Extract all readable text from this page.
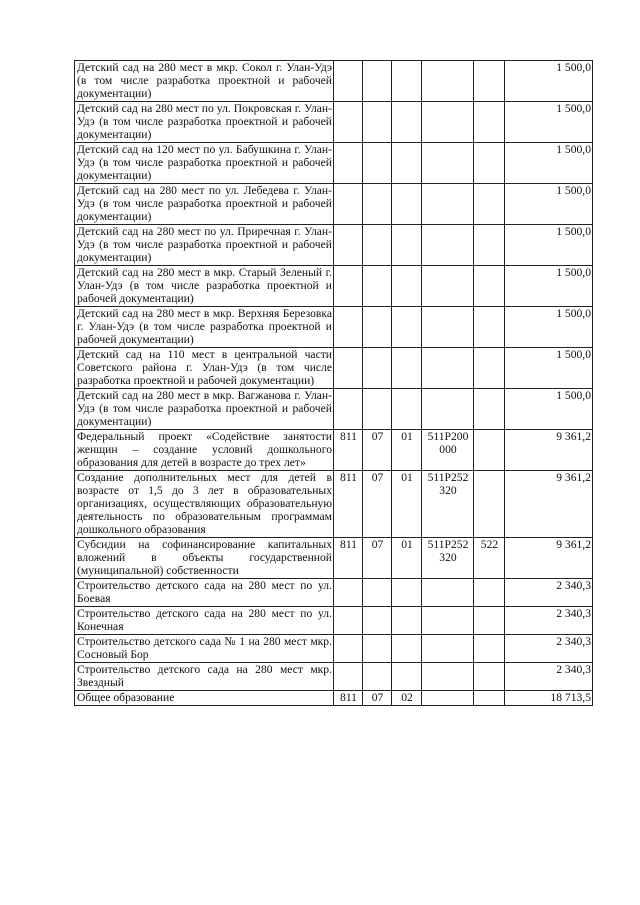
Детский сад на 280 мест в мкр. Сокол г. Улан-Удэ (в том числе разработка проектной и рабочей документации)						1 500,0
Детский сад на 280 мест по ул. Покровская г. Улан-Удэ (в том числе разработка проектной и рабочей документации)						1 500,0
Детский сад на 120 мест по ул. Бабушкина г. Улан-Удэ (в том числе разработка проектной и рабочей документации)						1 500,0
Детский сад на 280 мест по ул. Лебедева г. Улан-Удэ (в том числе разработка проектной и рабочей документации)						1 500,0
Детский сад на 280 мест по ул. Приречная г. Улан-Удэ (в том числе разработка проектной и рабочей документации)						1 500,0
Детский сад на 280 мест в мкр. Старый Зеленый г. Улан-Удэ (в том числе разработка проектной и рабочей документации)						1 500,0
Детский сад на 280 мест в мкр. Верхняя Березовка г. Улан-Удэ (в том числе разработка проектной и рабочей документации)						1 500,0
Детский сад на 110 мест в центральной части Советского района г. Улан-Удэ (в том числе разработка проектной и рабочей документации)						1 500,0
Детский сад на 280 мест в мкр. Вагжанова г. Улан-Удэ (в том числе разработка проектной и рабочей документации)						1 500,0
Федеральный проект «Содействие занятости женщин – создание условий дошкольного образования для детей в возрасте до трех лет»	811	07	01	511P200 000		9 361,2
Создание дополнительных мест для детей в возрасте от 1,5 до 3 лет в образовательных организациях, осуществляющих образовательную деятельность по образовательным программам дошкольного образования	811	07	01	511P252 320		9 361,2
Субсидии на софинансирование капитальных вложений в объекты государственной (муниципальной) собственности	811	07	01	511P252 320	522	9 361,2
Строительство детского сада на 280 мест по ул. Боевая						2 340,3
Строительство детского сада на 280 мест по ул. Конечная						2 340,3
Строительство детского сада № 1 на 280 мест мкр. Сосновый Бор						2 340,3
Строительство детского сада на 280 мест мкр. Звездный						2 340,3
Общее образование	811	07	02			18 713,5
